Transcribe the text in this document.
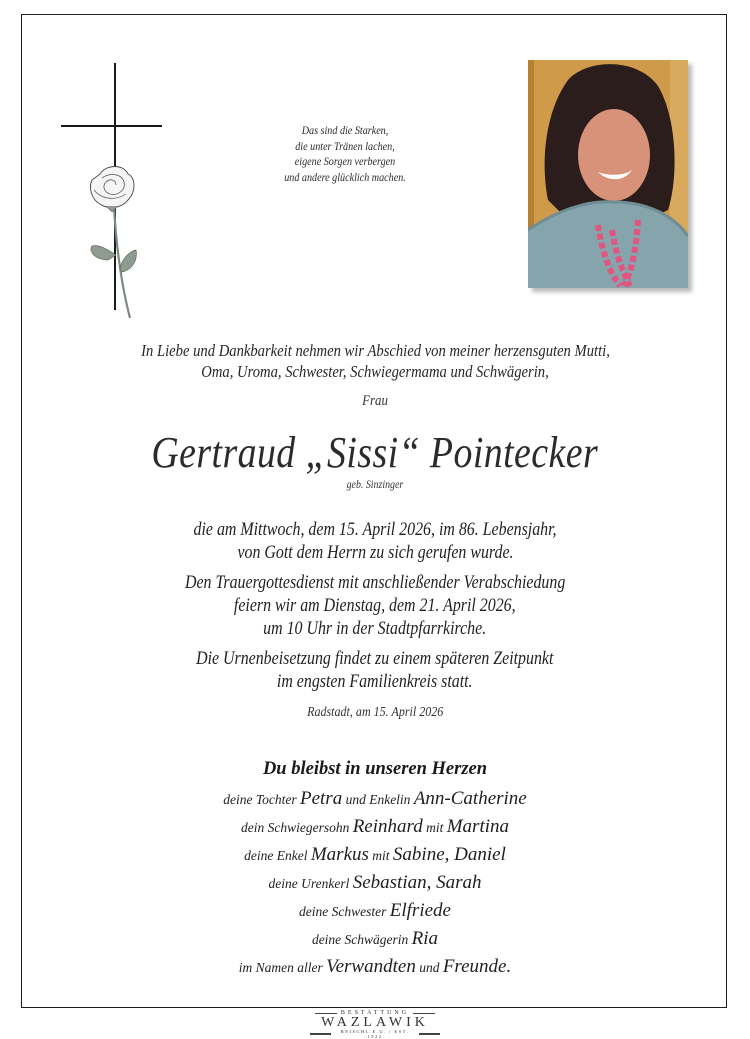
Das sind die Starken,
die unter Tränen lachen,
eigene Sorgen verbergen
und andere glücklich machen.
In Liebe und Dankbarkeit nehmen wir Abschied von meiner herzensguten Mutti,
Oma, Uroma, Schwester, Schwiegermama und Schwägerin,
Frau
Gertraud „Sissi“ Pointecker
geb. Sinzinger
die am Mittwoch, dem 15. April 2026, im 86. Lebensjahr,
von Gott dem Herrn zu sich gerufen wurde.
Den Trauergottesdienst mit anschließender Verabschiedung
feiern wir am Dienstag, dem 21. April 2026,
um 10 Uhr in der Stadtpfarrkirche.
Die Urnenbeisetzung findet zu einem späteren Zeitpunkt
im engsten Familienkreis statt.
Radstadt, am 15. April 2026
Du bleibst in unseren Herzen
deine Tochter Petra und Enkelin Ann-Catherine
dein Schwiegersohn Reinhard mit Martina
deine Enkel Markus mit Sabine, Daniel
deine Urenkerl Sebastian, Sarah
deine Schwester Elfriede
deine Schwägerin Ria
im Namen aller Verwandten und Freunde.
BESTATTUNG
WAZLAWIK
REISCHL E.U. | EST. 1922
